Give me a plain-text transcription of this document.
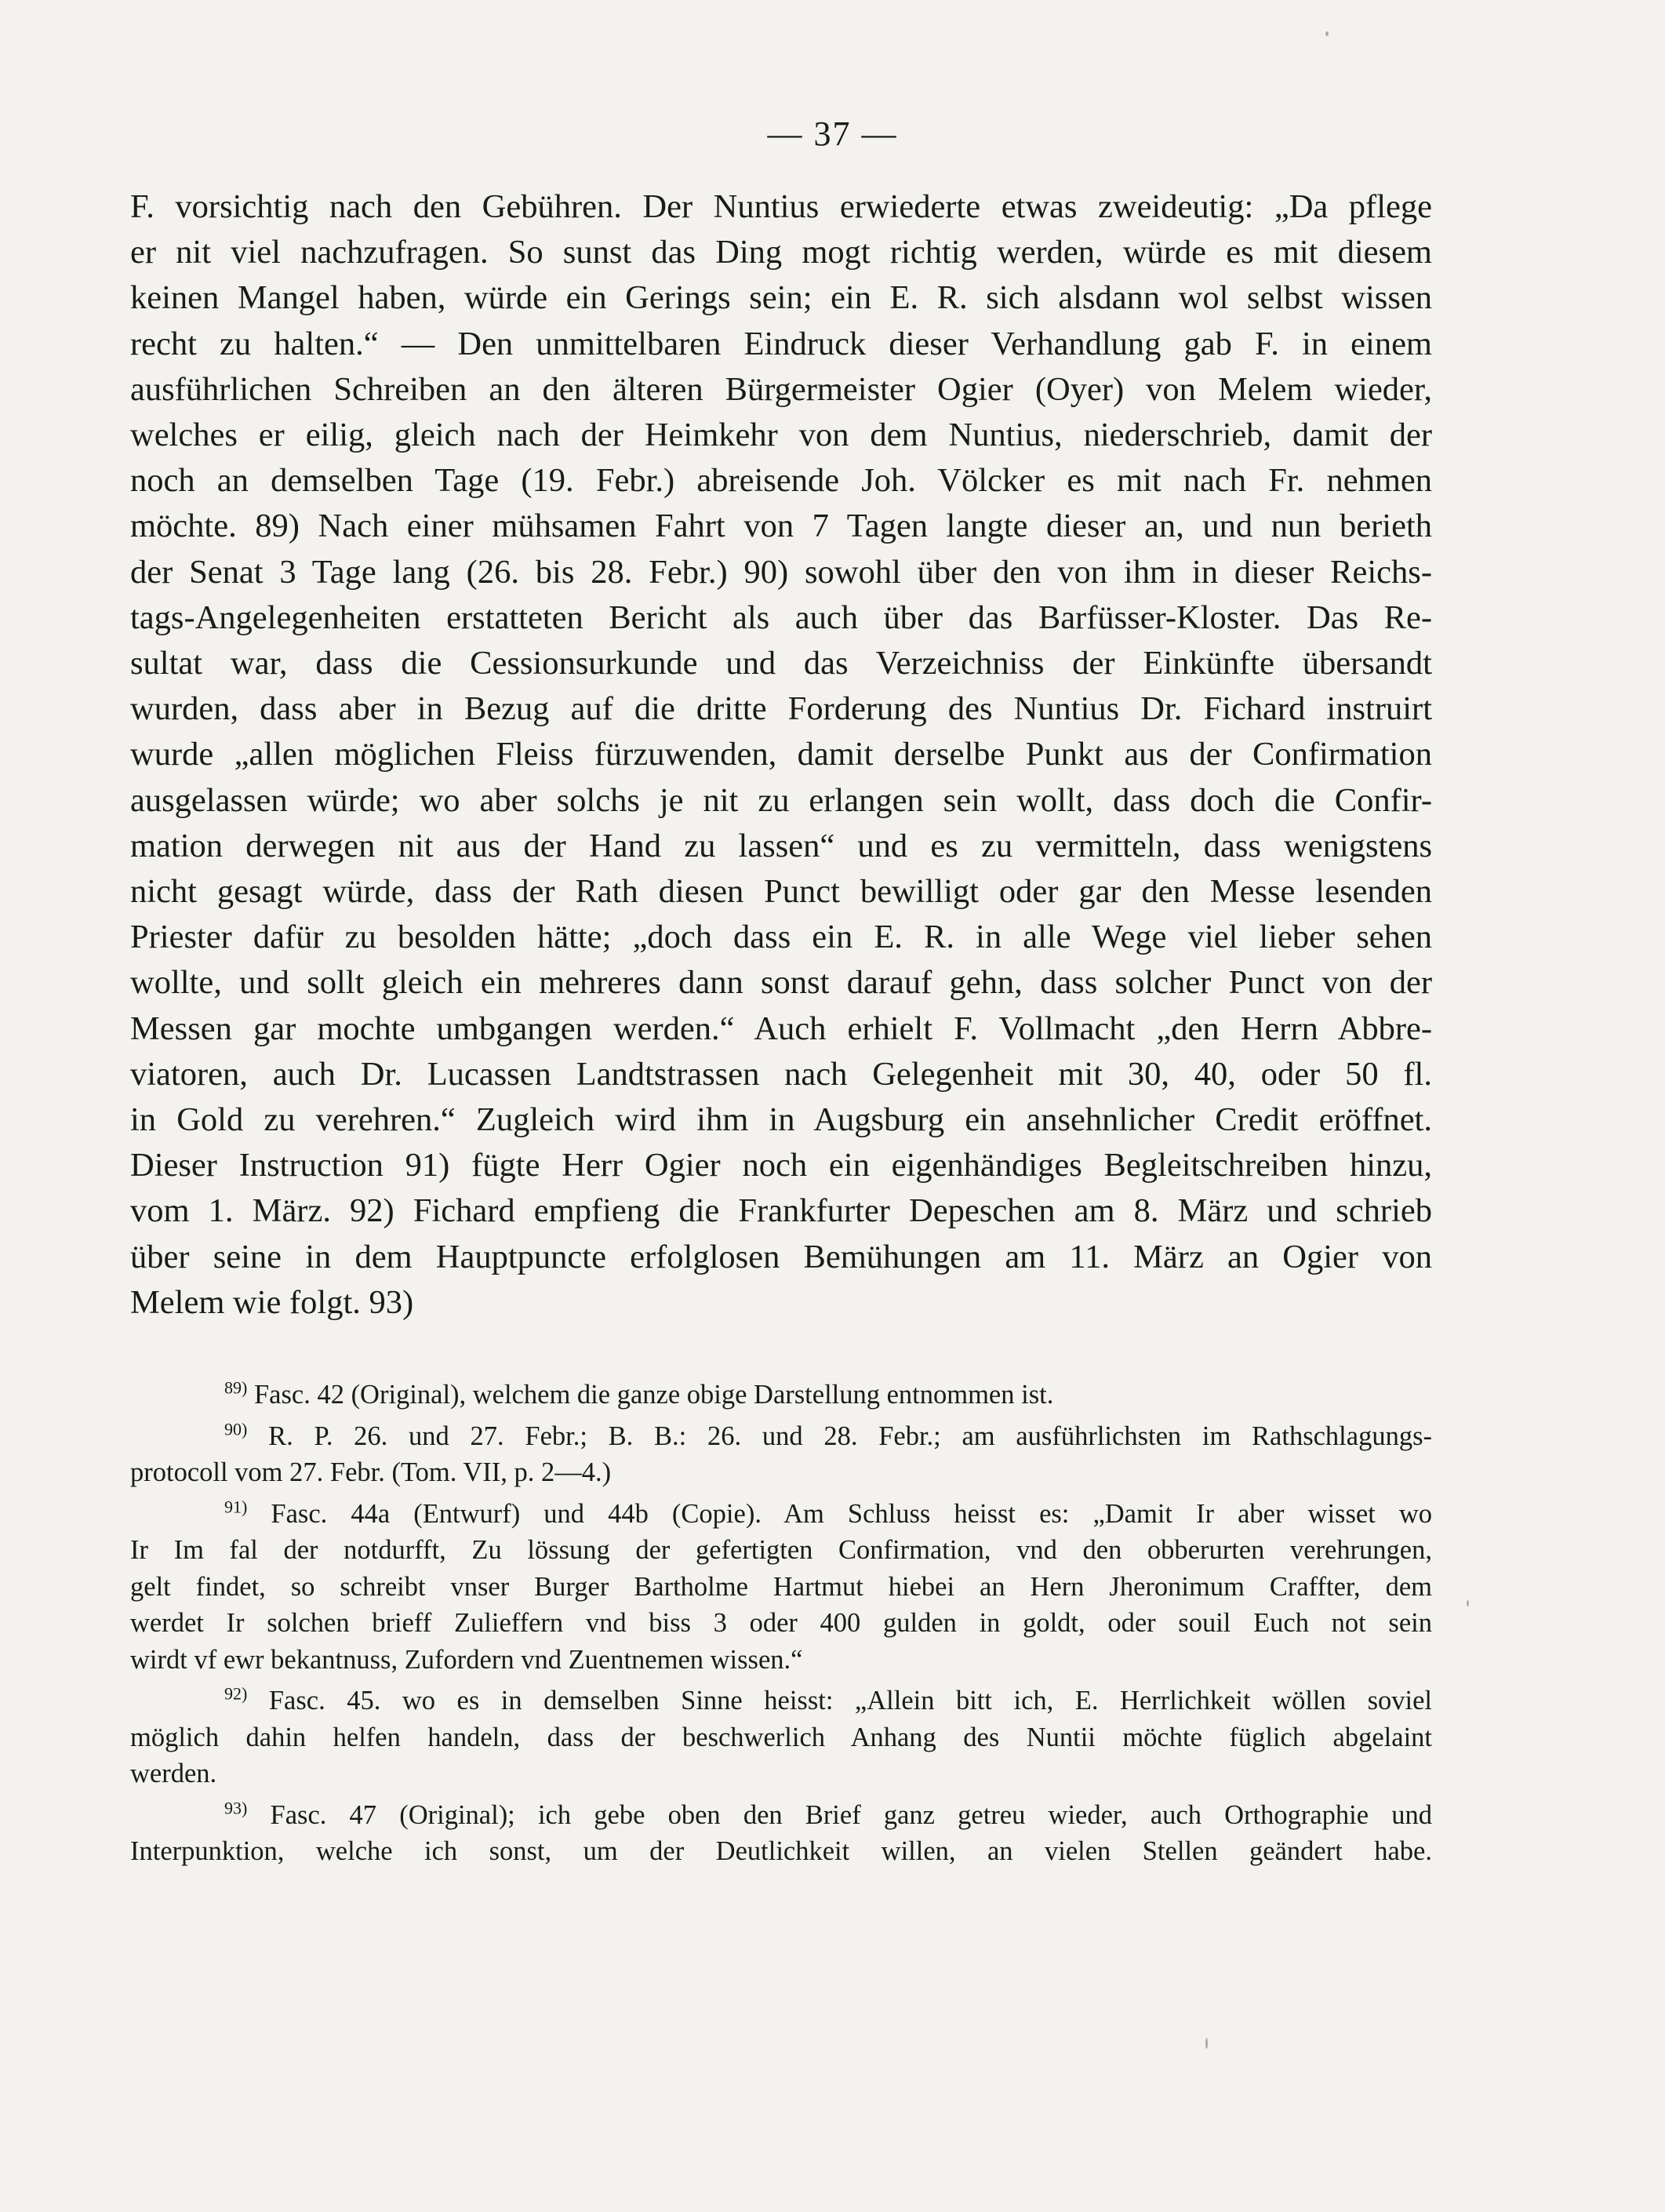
— 37 —

F. vorsichtig nach den Gebühren. Der Nuntius erwiederte etwas zweideutig: „Da pflege
er nit viel nachzufragen. So sunst das Ding mogt richtig werden, würde es mit diesem
keinen Mangel haben, würde ein Gerings sein; ein E. R. sich alsdann wol selbst wissen
recht zu halten.“ — Den unmittelbaren Eindruck dieser Verhandlung gab F. in einem
ausführlichen Schreiben an den älteren Bürgermeister Ogier (Oyer) von Melem wieder,
welches er eilig, gleich nach der Heimkehr von dem Nuntius, niederschrieb, damit der
noch an demselben Tage (19. Febr.) abreisende Joh. Völcker es mit nach Fr. nehmen
möchte. 89) Nach einer mühsamen Fahrt von 7 Tagen langte dieser an, und nun berieth
der Senat 3 Tage lang (26. bis 28. Febr.) 90) sowohl über den von ihm in dieser Reichs-
tags-Angelegenheiten erstatteten Bericht als auch über das Barfüsser-Kloster. Das Re-
sultat war, dass die Cessionsurkunde und das Verzeichniss der Einkünfte übersandt
wurden, dass aber in Bezug auf die dritte Forderung des Nuntius Dr. Fichard instruirt
wurde „allen möglichen Fleiss fürzuwenden, damit derselbe Punkt aus der Confirmation
ausgelassen würde; wo aber solchs je nit zu erlangen sein wollt, dass doch die Confir-
mation derwegen nit aus der Hand zu lassen“ und es zu vermitteln, dass wenigstens
nicht gesagt würde, dass der Rath diesen Punct bewilligt oder gar den Messe lesenden
Priester dafür zu besolden hätte; „doch dass ein E. R. in alle Wege viel lieber sehen
wollte, und sollt gleich ein mehreres dann sonst darauf gehn, dass solcher Punct von der
Messen gar mochte umbgangen werden.“ Auch erhielt F. Vollmacht „den Herrn Abbre-
viatoren, auch Dr. Lucassen Landtstrassen nach Gelegenheit mit 30, 40, oder 50 fl.
in Gold zu verehren.“ Zugleich wird ihm in Augsburg ein ansehnlicher Credit eröffnet.
Dieser Instruction 91) fügte Herr Ogier noch ein eigenhändiges Begleitschreiben hinzu,
vom 1. März. 92) Fichard empfieng die Frankfurter Depeschen am 8. März und schrieb
über seine in dem Hauptpuncte erfolglosen Bemühungen am 11. März an Ogier von
Melem wie folgt. 93)

$^{89)}$ Fasc. 42 (Original), welchem die ganze obige Darstellung entnommen ist.
$^{90)}$ R. P. 26. und 27. Febr.; B. B.: 26. und 28. Febr.; am ausführlichsten im Rathschlagungs-
protocoll vom 27. Febr. (Tom. VII, p. 2—4.)
$^{91)}$ Fasc. 44a (Entwurf) und 44b (Copie). Am Schluss heisst es: „Damit Ir aber wisset wo
Ir Im fal der notdurfft, Zu lössung der gefertigten Confirmation, vnd den obberurten verehrungen,
gelt findet, so schreibt vnser Burger Bartholme Hartmut hiebei an Hern Jheronimum Craffter, dem
werdet Ir solchen brieff Zulieffern vnd biss 3 oder 400 gulden in goldt, oder souil Euch not sein
wirdt vf ewr bekantnuss, Zufordern vnd Zuentnemen wissen.“
$^{92)}$ Fasc. 45. wo es in demselben Sinne heisst: „Allein bitt ich, E. Herrlichkeit wöllen soviel
möglich dahin helfen handeln, dass der beschwerlich Anhang des Nuntii möchte füglich abgelaint
werden.
$^{93)}$ Fasc. 47 (Original); ich gebe oben den Brief ganz getreu wieder, auch Orthographie und
Interpunktion, welche ich sonst, um der Deutlichkeit willen, an vielen Stellen geändert habe.
